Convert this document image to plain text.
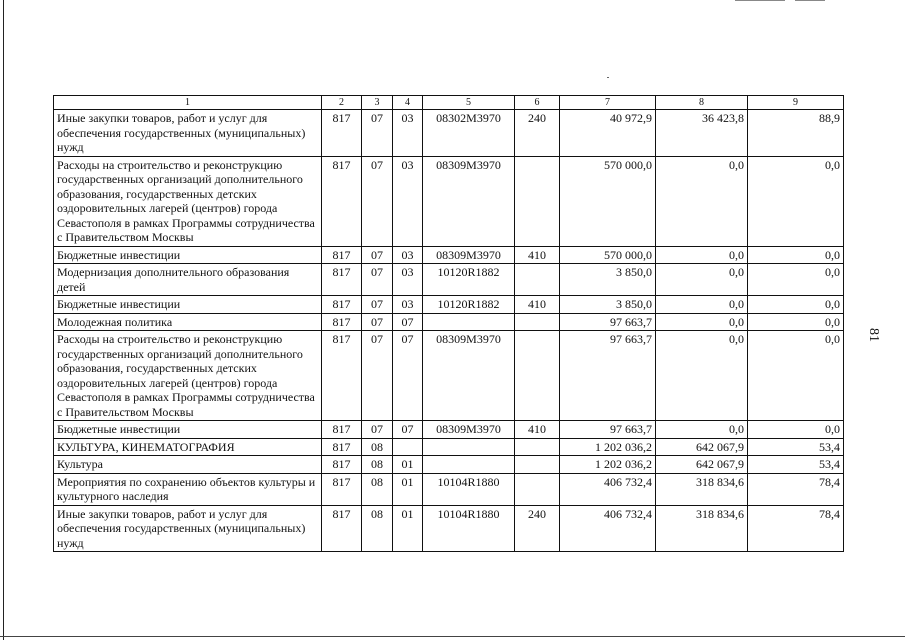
1	2	3	4	5	6	7	8	9
Иные закупки товаров, работ и услуг для обеспечения государственных (муниципальных) нужд	817	07	03	08302М3970	240	40 972,9	36 423,8	88,9
Расходы на строительство и реконструкцию государственных организаций дополнительного образования, государственных детских оздоровительных лагерей (центров) города Севастополя в рамках Программы сотрудничества с Правительством Москвы	817	07	03	08309М3970		570 000,0	0,0	0,0
Бюджетные инвестиции	817	07	03	08309М3970	410	570 000,0	0,0	0,0
Модернизация дополнительного образования детей	817	07	03	10120R1882		3 850,0	0,0	0,0
Бюджетные инвестиции	817	07	03	10120R1882	410	3 850,0	0,0	0,0
Молодежная политика	817	07	07			97 663,7	0,0	0,0
Расходы на строительство и реконструкцию государственных организаций дополнительного образования, государственных детских оздоровительных лагерей (центров) города Севастополя в рамках Программы сотрудничества с Правительством Москвы	817	07	07	08309М3970		97 663,7	0,0	0,0
Бюджетные инвестиции	817	07	07	08309М3970	410	97 663,7	0,0	0,0
КУЛЬТУРА, КИНЕМАТОГРАФИЯ	817	08				1 202 036,2	642 067,9	53,4
Культура	817	08	01			1 202 036,2	642 067,9	53,4
Мероприятия по сохранению объектов культуры и культурного наследия	817	08	01	10104R1880		406 732,4	318 834,6	78,4
Иные закупки товаров, работ и услуг для обеспечения государственных (муниципальных) нужд	817	08	01	10104R1880	240	406 732,4	318 834,6	78,4
81
